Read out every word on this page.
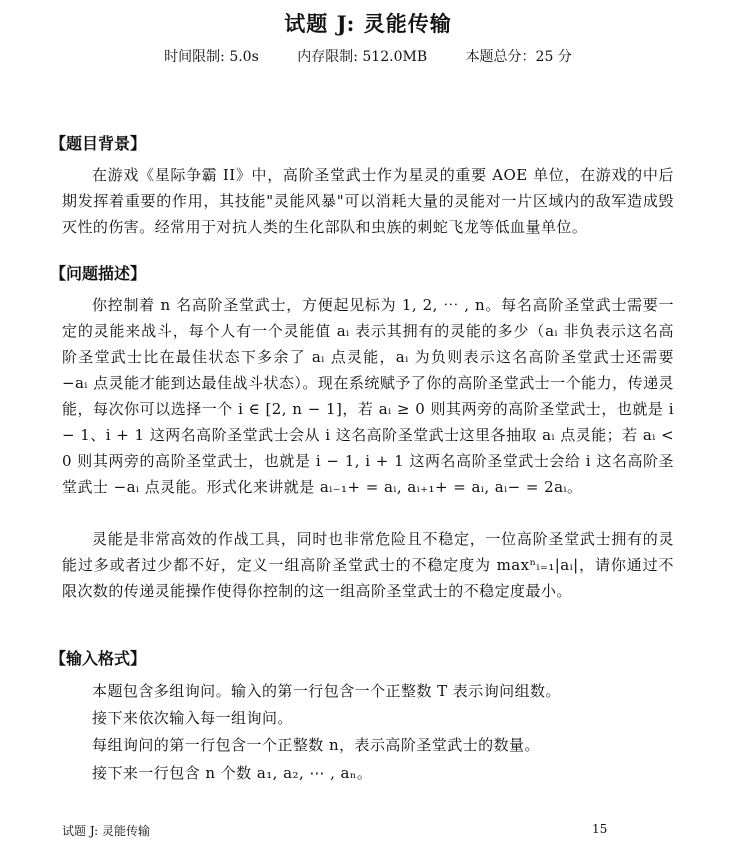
试题 J: 灵能传输
时间限制: 5.0s	内存限制: 512.0MB	本题总分：25 分
【题目背景】

在游戏《星际争霸 II》中，高阶圣堂武士作为星灵的重要 AOE 单位，在游戏的中后期发挥着重要的作用，其技能"灵能风暴"可以消耗大量的灵能对一片区域内的敌军造成毁灭性的伤害。经常用于对抗人类的生化部队和虫族的刺蛇飞龙等低血量单位。

【问题描述】

你控制着 n 名高阶圣堂武士，方便起见标为 1, 2, ⋯ , n。每名高阶圣堂武士需要一定的灵能来战斗，每个人有一个灵能值 aᵢ 表示其拥有的灵能的多少（aᵢ 非负表示这名高阶圣堂武士比在最佳状态下多余了 aᵢ 点灵能，aᵢ 为负则表示这名高阶圣堂武士还需要 −aᵢ 点灵能才能到达最佳战斗状态）。现在系统赋予了你的高阶圣堂武士一个能力，传递灵能，每次你可以选择一个 i ∈ [2, n − 1]，若 aᵢ ≥ 0 则其两旁的高阶圣堂武士，也就是 i − 1、i + 1 这两名高阶圣堂武士会从 i 这名高阶圣堂武士这里各抽取 aᵢ 点灵能；若 aᵢ < 0 则其两旁的高阶圣堂武士，也就是 i − 1, i + 1 这两名高阶圣堂武士会给 i 这名高阶圣堂武士 −aᵢ 点灵能。形式化来讲就是 aᵢ₋₁+ = aᵢ, aᵢ₊₁+ = aᵢ, aᵢ− = 2aᵢ。

灵能是非常高效的作战工具，同时也非常危险且不稳定，一位高阶圣堂武士拥有的灵能过多或者过少都不好，定义一组高阶圣堂武士的不稳定度为 maxⁿᵢ₌₁|aᵢ|，请你通过不限次数的传递灵能操作使得你控制的这一组高阶圣堂武士的不稳定度最小。

【输入格式】

本题包含多组询问。输入的第一行包含一个正整数 T 表示询问组数。

接下来依次输入每一组询问。

每组询问的第一行包含一个正整数 n，表示高阶圣堂武士的数量。

接下来一行包含 n 个数 a₁, a₂, ⋯ , aₙ。

试题 J: 灵能传输	15
